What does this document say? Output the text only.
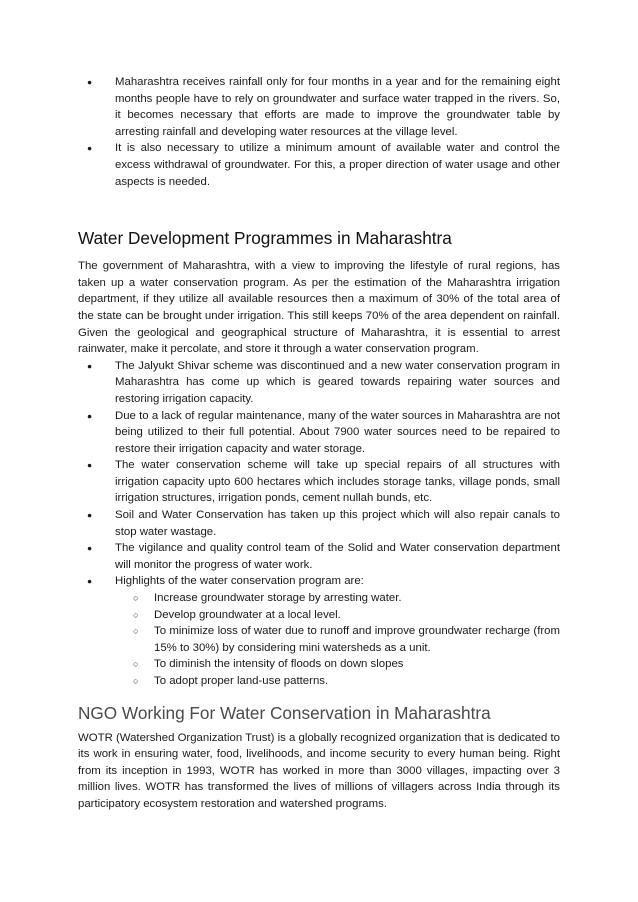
● Maharashtra receives rainfall only for four months in a year and for the remaining eight months people have to rely on groundwater and surface water trapped in the rivers. So, it becomes necessary that efforts are made to improve the groundwater table by arresting rainfall and developing water resources at the village level.
● It is also necessary to utilize a minimum amount of available water and control the excess withdrawal of groundwater. For this, a proper direction of water usage and other aspects is needed.
Water Development Programmes in Maharashtra

The government of Maharashtra, with a view to improving the lifestyle of rural regions, has taken up a water conservation program. As per the estimation of the Maharashtra irrigation department, if they utilize all available resources then a maximum of 30% of the total area of the state can be brought under irrigation. This still keeps 70% of the area dependent on rainfall. Given the geological and geographical structure of Maharashtra, it is essential to arrest rainwater, make it percolate, and store it through a water conservation program.

● The Jalyukt Shivar scheme was discontinued and a new water conservation program in Maharashtra has come up which is geared towards repairing water sources and restoring irrigation capacity.
● Due to a lack of regular maintenance, many of the water sources in Maharashtra are not being utilized to their full potential. About 7900 water sources need to be repaired to restore their irrigation capacity and water storage.
● The water conservation scheme will take up special repairs of all structures with irrigation capacity upto 600 hectares which includes storage tanks, village ponds, small irrigation structures, irrigation ponds, cement nullah bunds, etc.
● Soil and Water Conservation has taken up this project which will also repair canals to stop water wastage.
● The vigilance and quality control team of the Solid and Water conservation department will monitor the progress of water work.
● Highlights of the water conservation program are:
○ Increase groundwater storage by arresting water.
○ Develop groundwater at a local level.
○ To minimize loss of water due to runoff and improve groundwater recharge (from 15% to 30%) by considering mini watersheds as a unit.
○ To diminish the intensity of floods on down slopes
○ To adopt proper land-use patterns.
NGO Working For Water Conservation in Maharashtra

WOTR (Watershed Organization Trust) is a globally recognized organization that is dedicated to its work in ensuring water, food, livelihoods, and income security to every human being. Right from its inception in 1993, WOTR has worked in more than 3000 villages, impacting over 3 million lives. WOTR has transformed the lives of millions of villagers across India through its participatory ecosystem restoration and watershed programs.
